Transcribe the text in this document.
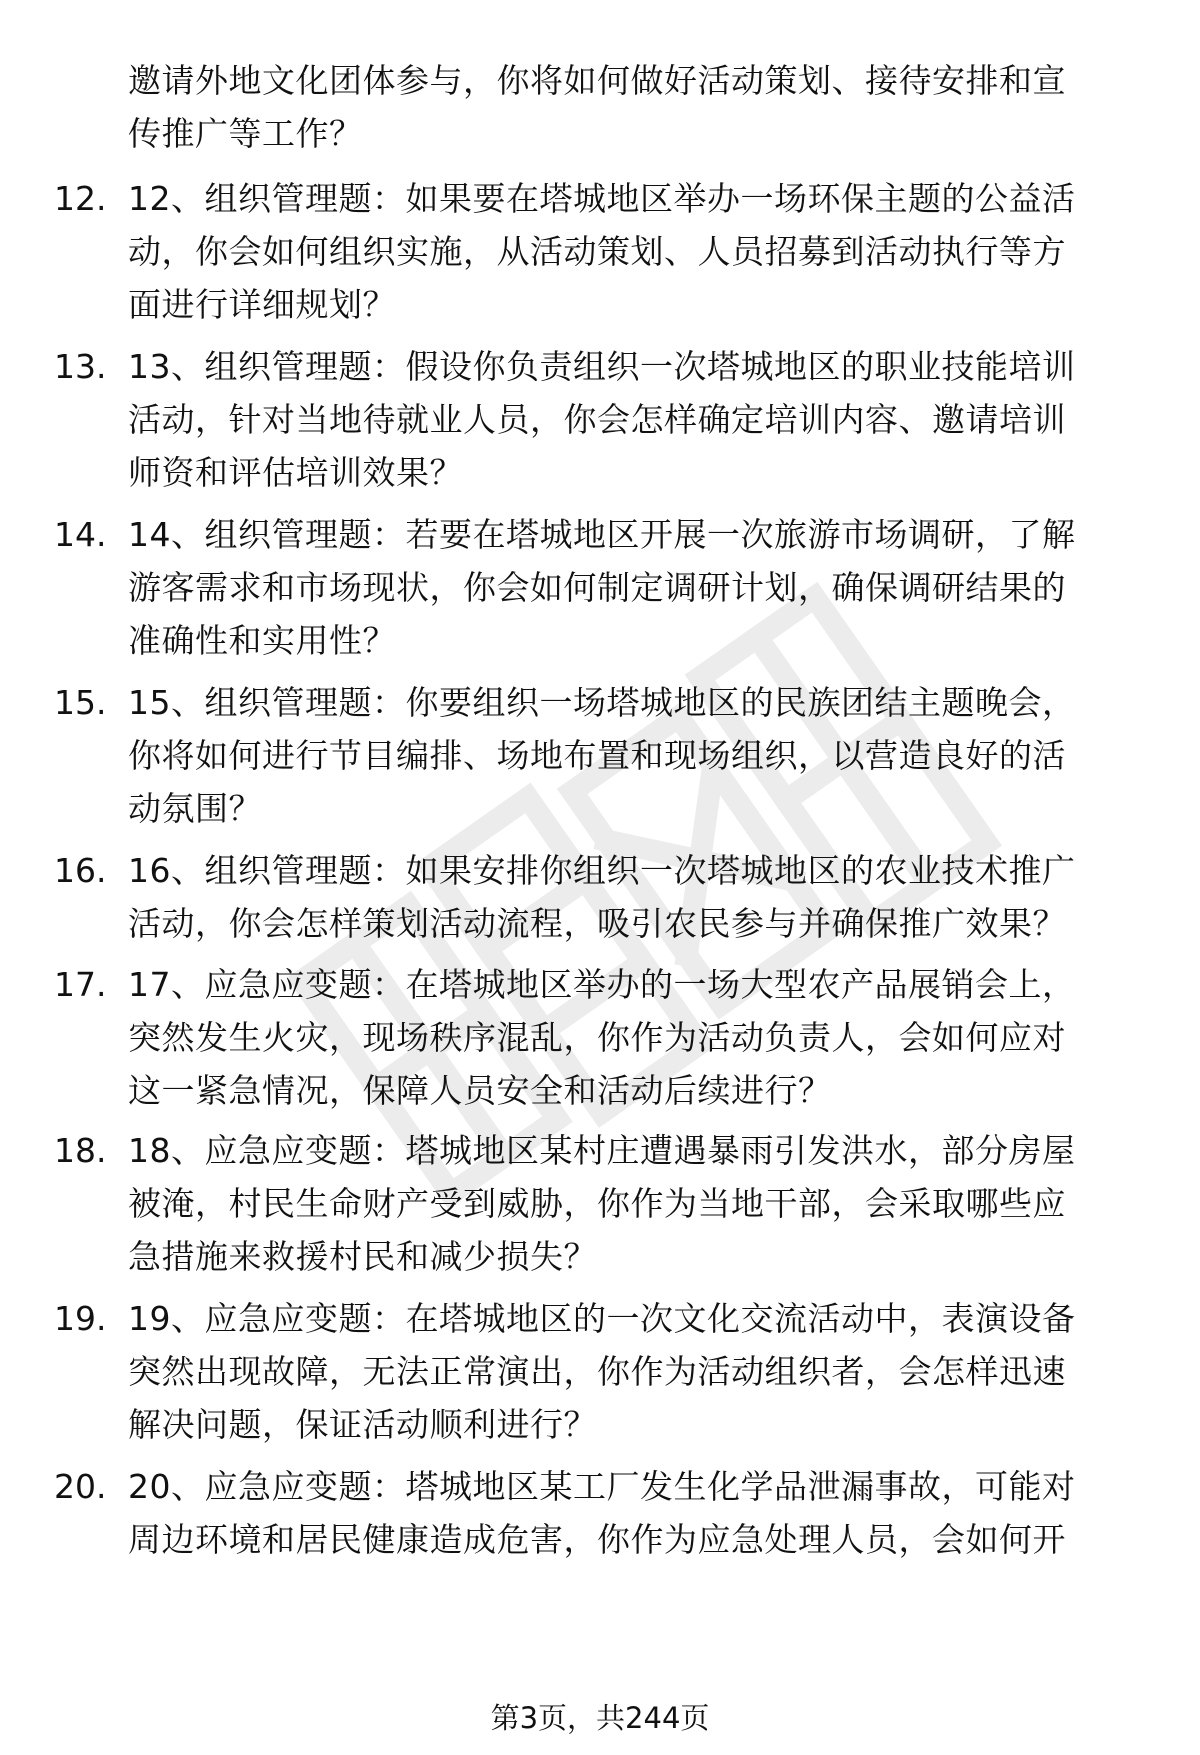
邀请外地文化团体参与，你将如何做好活动策划、接待安排和宣
传推广等工作？
12. 12、组织管理题：如果要在塔城地区举办一场环保主题的公益活
动，你会如何组织实施，从活动策划、人员招募到活动执行等方
面进行详细规划？
13. 13、组织管理题：假设你负责组织一次塔城地区的职业技能培训
活动，针对当地待就业人员，你会怎样确定培训内容、邀请培训
师资和评估培训效果？
14. 14、组织管理题：若要在塔城地区开展一次旅游市场调研，了解
游客需求和市场现状，你会如何制定调研计划，确保调研结果的
准确性和实用性？
15. 15、组织管理题：你要组织一场塔城地区的民族团结主题晚会，
你将如何进行节目编排、场地布置和现场组织，以营造良好的活
动氛围？
16. 16、组织管理题：如果安排你组织一次塔城地区的农业技术推广
活动，你会怎样策划活动流程，吸引农民参与并确保推广效果？
17. 17、应急应变题：在塔城地区举办的一场大型农产品展销会上，
突然发生火灾，现场秩序混乱，你作为活动负责人，会如何应对
这一紧急情况，保障人员安全和活动后续进行？
18. 18、应急应变题：塔城地区某村庄遭遇暴雨引发洪水，部分房屋
被淹，村民生命财产受到威胁，你作为当地干部，会采取哪些应
急措施来救援村民和减少损失？
19. 19、应急应变题：在塔城地区的一次文化交流活动中，表演设备
突然出现故障，无法正常演出，你作为活动组织者，会怎样迅速
解决问题，保证活动顺利进行？
20. 20、应急应变题：塔城地区某工厂发生化学品泄漏事故，可能对
周边环境和居民健康造成危害，你作为应急处理人员，会如何开
第3页，共244页
